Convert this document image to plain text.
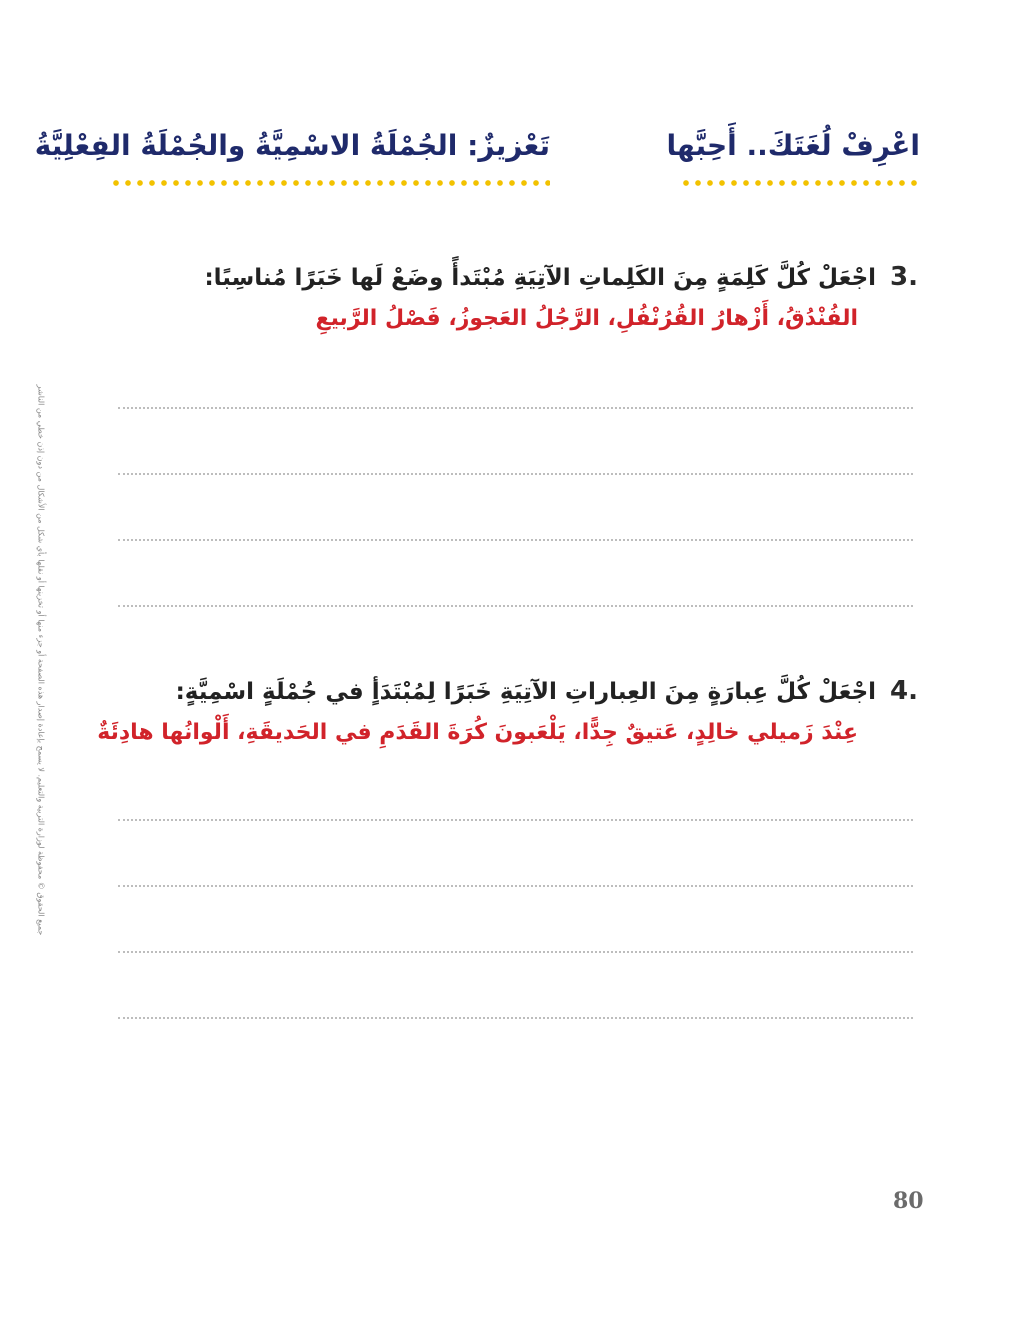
تَعْزيزٌ: الجُمْلَةُ الاسْمِيَّةُ والجُمْلَةُ الفِعْلِيَّةُ	اعْرِفْ لُغَتَكَ.. أَحِبَّها
جميع الحقوق © محفوظة لوزارة التربية والتعليم. لا يسمح بإعادة إصدار هذه الصفحة أو جزء منها أو تخزينها أو نقلها بأي شكل من الأشكال من دون إذن خطي من الناشر
3.
اجْعَلْ كُلَّ كَلِمَةٍ مِنَ الكَلِماتِ الآتِيَةِ مُبْتَدأً وضَعْ لَها خَبَرًا مُناسِبًا:
الفُنْدُقُ، أَزْهارُ القُرُنْفُلِ، الرَّجُلُ العَجوزُ، فَصْلُ الرَّبيعِ
4.
اجْعَلْ كُلَّ عِبارَةٍ مِنَ العِباراتِ الآتِيَةِ خَبَرًا لِمُبْتَدَأٍ في جُمْلَةٍ اسْمِيَّةٍ:
عِنْدَ زَميلي خالِدٍ، عَتيقٌ جِدًّا، يَلْعَبونَ كُرَةَ القَدَمِ في الحَديقَةِ، أَلْوانُها هادِئَةٌ
80
